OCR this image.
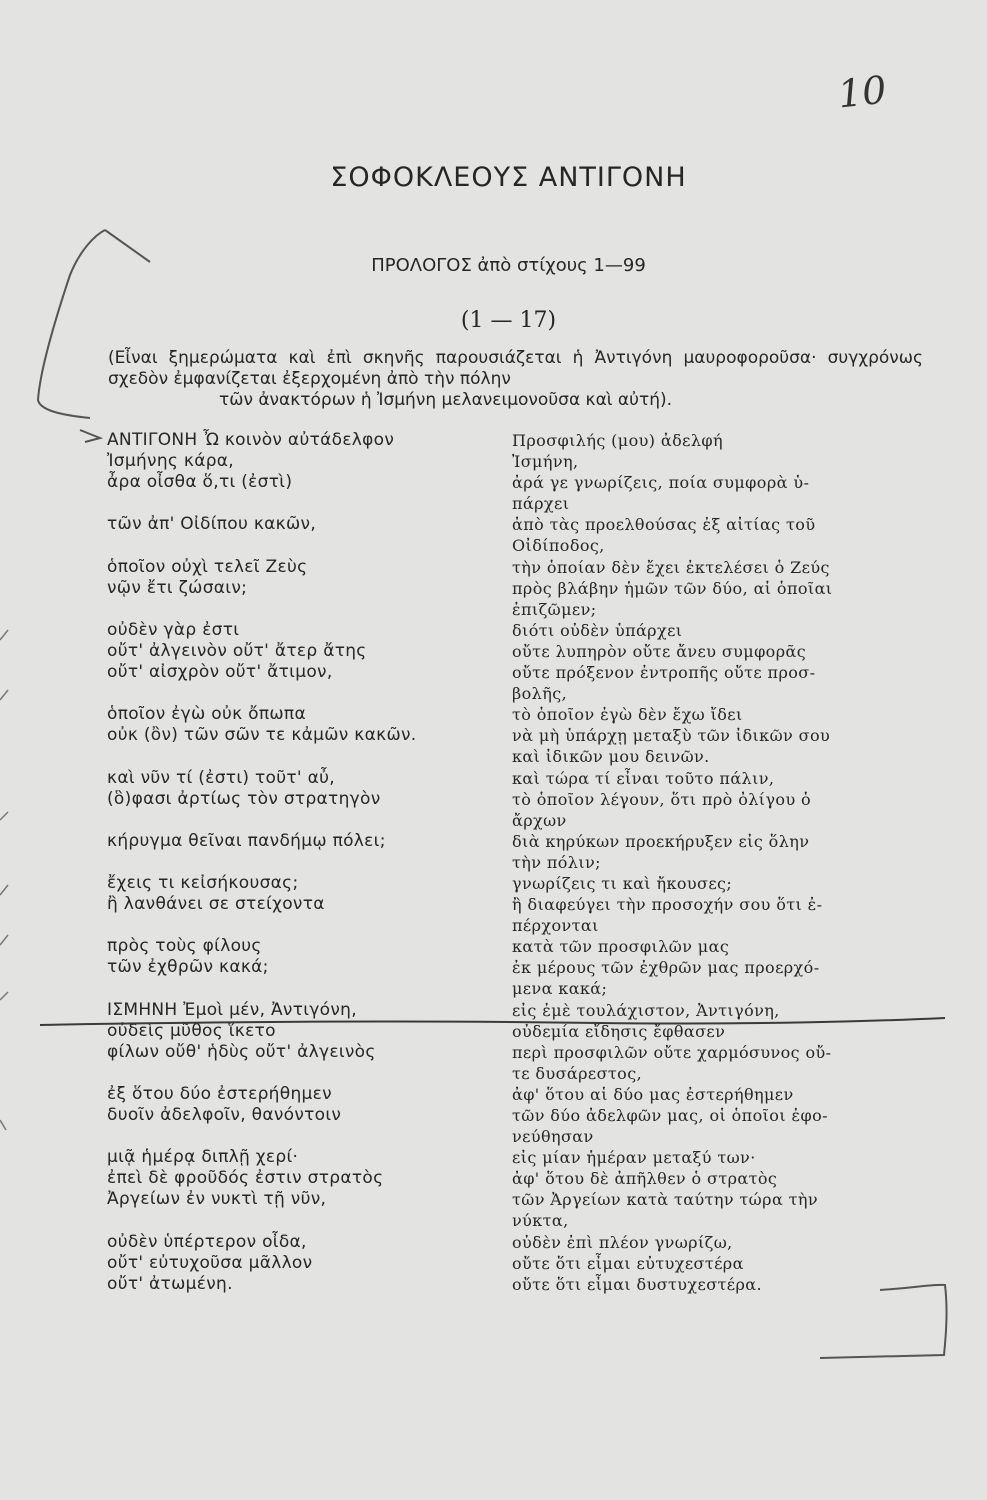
10
ΣΟΦΟΚΛΕΟΥΣ ΑΝΤΙΓΟΝΗ
ΠΡΟΛΟΓΟΣ ἀπὸ στίχους 1—99
(1 — 17)
(Εἶναι ξημερώματα καὶ ἐπὶ σκηνῆς παρουσιάζεται ἡ Ἀντιγόνη μαυροφοροῦσα· συγχρόνως σχεδὸν ἐμφανίζεται ἐξερχομένη ἀπὸ τὴν πόλην
τῶν ἀνακτόρων ἡ Ἰσμήνη μελανειμονοῦσα καὶ αὐτή).
ΑΝΤΙΓΟΝΗ Ὦ κοινὸν αὐτάδελφον
Ἰσμήνης κάρα,
ἆρα οἶσθα ὅ,τι (ἐστὶ)
τῶν ἀπ' Οἰδίπου κακῶν,
ὁποῖον οὐχὶ τελεῖ Ζεὺς
νῷν ἔτι ζώσαιν;
οὐδὲν γὰρ ἐστι
οὔτ' ἀλγεινὸν οὔτ' ἄτερ ἄτης
οὔτ' αἰσχρὸν οὔτ' ἄτιμον,
ὁποῖον ἐγὼ οὐκ ὄπωπα
οὐκ (ὂν) τῶν σῶν τε κἀμῶν κακῶν.
καὶ νῦν τί (ἐστι) τοῦτ' αὖ,
(ὃ)φασι ἀρτίως τὸν στρατηγὸν
κήρυγμα θεῖναι πανδήμῳ πόλει;
ἔχεις τι κεἰσήκουσας;
ἢ λανθάνει σε στείχοντα
πρὸς τοὺς φίλους
τῶν ἐχθρῶν κακά;
ΙΣΜΗΝΗ Ἐμοὶ μέν, Ἀντιγόνη,
οὐδεὶς μῦθος ἵκετο
φίλων οὔθ' ἡδὺς οὔτ' ἀλγεινὸς
ἐξ ὅτου δύο ἐστερήθημεν
δυοῖν ἀδελφοῖν, θανόντοιν
μιᾷ ἡμέρᾳ διπλῇ χερί·
ἐπεὶ δὲ φροῦδός ἐστιν στρατὸς
Ἀργείων ἐν νυκτὶ τῇ νῦν,
οὐδὲν ὑπέρτερον οἶδα,
οὔτ' εὐτυχοῦσα μᾶλλον
οὔτ' ἀτωμένη.
Προσφιλής (μου) ἀδελφή
Ἰσμήνη,
ἀρά γε γνωρίζεις, ποία συμφορὰ ὑ-
πάρχει
ἀπὸ τὰς προελθούσας ἐξ αἰτίας τοῦ
Οἰδίποδος,
τὴν ὁποίαν δὲν ἔχει ἐκτελέσει ὁ Ζεύς
πρὸς βλάβην ἡμῶν τῶν δύο, αἱ ὁποῖαι
ἐπιζῶμεν;
διότι οὐδὲν ὑπάρχει
οὔτε λυπηρὸν οὔτε ἄνευ συμφορᾶς
οὔτε πρόξενον ἐντροπῆς οὔτε προσ-
βολῆς,
τὸ ὁποῖον ἐγὼ δὲν ἔχω ἴδει
νὰ μὴ ὑπάρχῃ μεταξὺ τῶν ἰδικῶν σου
καὶ ἰδικῶν μου δεινῶν.
καὶ τώρα τί εἶναι τοῦτο πάλιν,
τὸ ὁποῖον λέγουν, ὅτι πρὸ ὀλίγου ὁ
ἄρχων
διὰ κηρύκων προεκήρυξεν εἰς ὅλην
τὴν πόλιν;
γνωρίζεις τι καὶ ἤκουσες;
ἢ διαφεύγει τὴν προσοχήν σου ὅτι ἐ-
πέρχονται
κατὰ τῶν προσφιλῶν μας
ἐκ μέρους τῶν ἐχθρῶν μας προερχό-
μενα κακά;
εἰς ἐμὲ τουλάχιστον, Ἀντιγόνη,
οὐδεμία εἴδησις ἔφθασεν
περὶ προσφιλῶν οὔτε χαρμόσυνος οὔ-
τε δυσάρεστος,
ἀφ' ὅτου αἱ δύο μας ἐστερήθημεν
τῶν δύο ἀδελφῶν μας, οἱ ὁποῖοι ἐφο-
νεύθησαν
εἰς μίαν ἡμέραν μεταξύ των·
ἀφ' ὅτου δὲ ἀπῆλθεν ὁ στρατὸς
τῶν Ἀργείων κατὰ ταύτην τώρα τὴν
νύκτα,
οὐδὲν ἐπὶ πλέον γνωρίζω,
οὔτε ὅτι εἶμαι εὐτυχεστέρα
οὔτε ὅτι εἶμαι δυστυχεστέρα.
